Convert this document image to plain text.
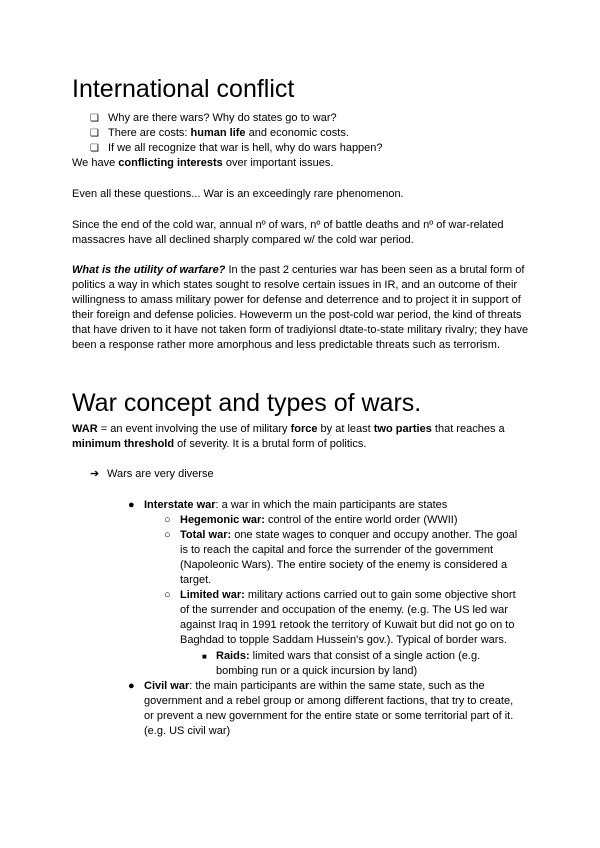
International conflict
❏ Why are there wars? Why do states go to war?
❏ There are costs: human life and economic costs.
❏ If we all recognize that war is hell, why do wars happen?

We have conflicting interests over important issues.

Even all these questions... War is an exceedingly rare phenomenon.

Since the end of the cold war, annual nº of wars, nº of battle deaths and nº of war-related massacres have all declined sharply compared w/ the cold war period.

What is the utility of warfare? In the past 2 centuries war has been seen as a brutal form of politics a way in which states sought to resolve certain issues in IR, and an outcome of their willingness to amass military power for defense and deterrence and to project it in support of their foreign and defense policies. Howeverm un the post-cold war period, the kind of threats that have driven to it have not taken form of tradiyionsl dtate-to-state military rivalry; they have been a response rather more amorphous and less predictable threats such as terrorism.

War concept and types of wars.

WAR = an event involving the use of military force by at least two parties that reaches a minimum threshold of severity. It is a brutal form of politics.

➔ Wars are very diverse
● Interstate war: a war in which the main participants are states
○ Hegemonic war: control of the entire world order (WWII)
○ Total war: one state wages to conquer and occupy another. The goal is to reach the capital and force the surrender of the government (Napoleonic Wars). The entire society of the enemy is considered a target.
○ Limited war: military actions carried out to gain some objective short of the surrender and occupation of the enemy. (e.g. The US led war against Iraq in 1991 retook the territory of Kuwait but did not go on to Baghdad to topple Saddam Hussein's gov.). Typical of border wars.
■ Raids: limited wars that consist of a single action (e.g. bombing run or a quick incursion by land)
● Civil war: the main participants are within the same state, such as the government and a rebel group or among different factions, that try to create, or prevent a new government for the entire state or some territorial part of it. (e.g. US civil war)
